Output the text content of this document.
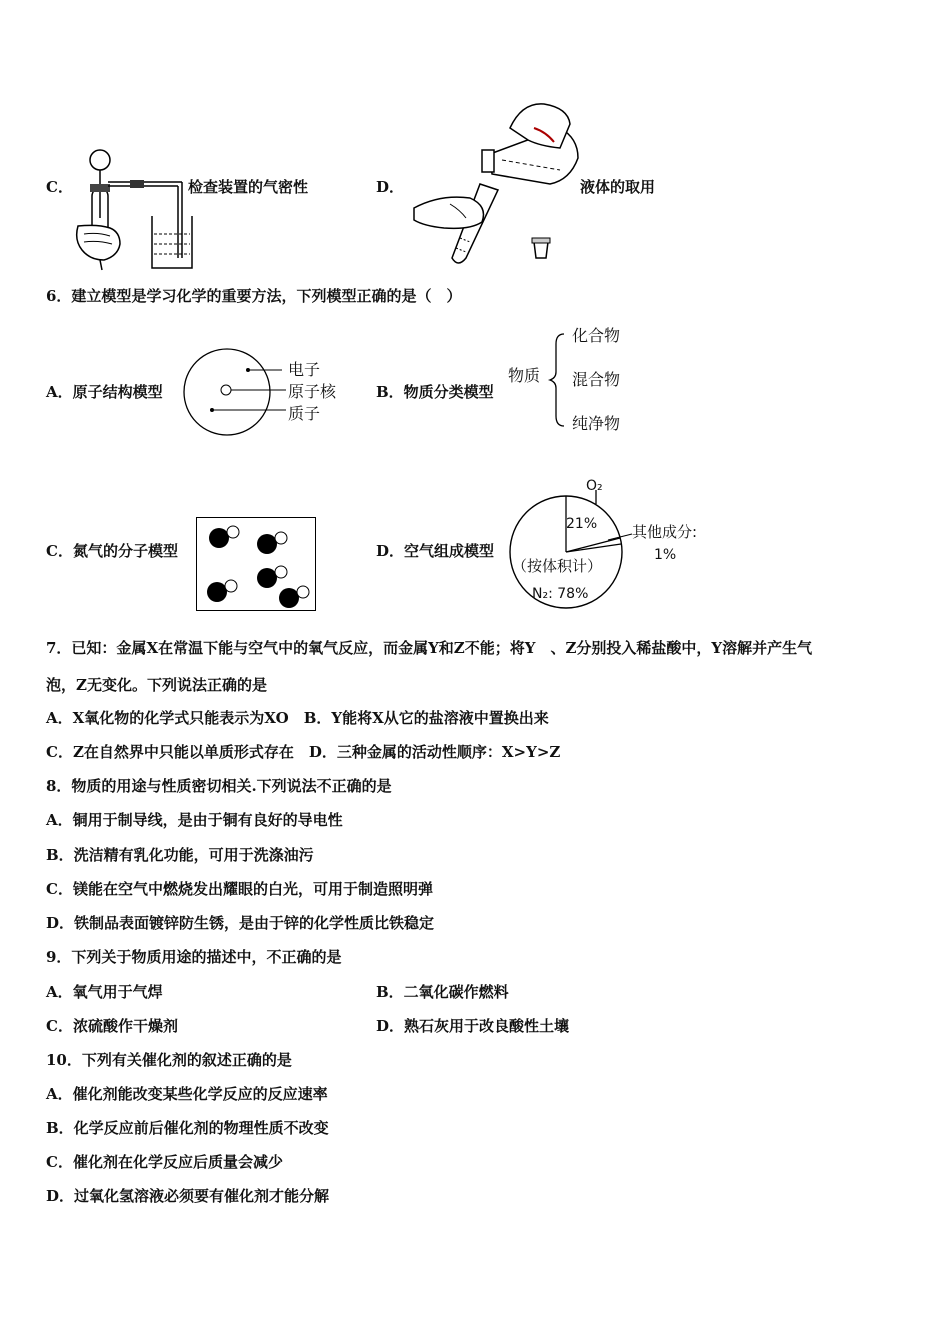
C．	检查装置的气密性	D．	液体的取用
6．建立模型是学习化学的重要方法，下列模型正确的是（　）
A．原子结构模型
电子
原子核
质子
B．物质分类模型
物质
化合物
混合物
纯净物
C．氮气的分子模型	D．空气组成模型
O₂
21% 其他成分:
1%
（按体积计）
N₂: 78%
7．已知：金属X在常温下能与空气中的氧气反应，而金属Y和Z不能；将Y　、Z分别投入稀盐酸中，Y溶解并产生气
泡，Z无变化。下列说法正确的是
A．X氧化物的化学式只能表示为XO　B．Y能将X从它的盐溶液中置换出来
C．Z在自然界中只能以单质形式存在　D．三种金属的活动性顺序：X>Y>Z
8．物质的用途与性质密切相关.下列说法不正确的是
A．铜用于制导线，是由于铜有良好的导电性
B．洗洁精有乳化功能，可用于洗涤油污
C．镁能在空气中燃烧发出耀眼的白光，可用于制造照明弹
D．铁制品表面镀锌防生锈，是由于锌的化学性质比铁稳定
9．下列关于物质用途的描述中，不正确的是
A．氧气用于气焊	B．二氧化碳作燃料
C．浓硫酸作干燥剂	D．熟石灰用于改良酸性土壤
10．下列有关催化剂的叙述正确的是
A．催化剂能改变某些化学反应的反应速率
B．化学反应前后催化剂的物理性质不改变
C．催化剂在化学反应后质量会减少
D．过氧化氢溶液必须要有催化剂才能分解
